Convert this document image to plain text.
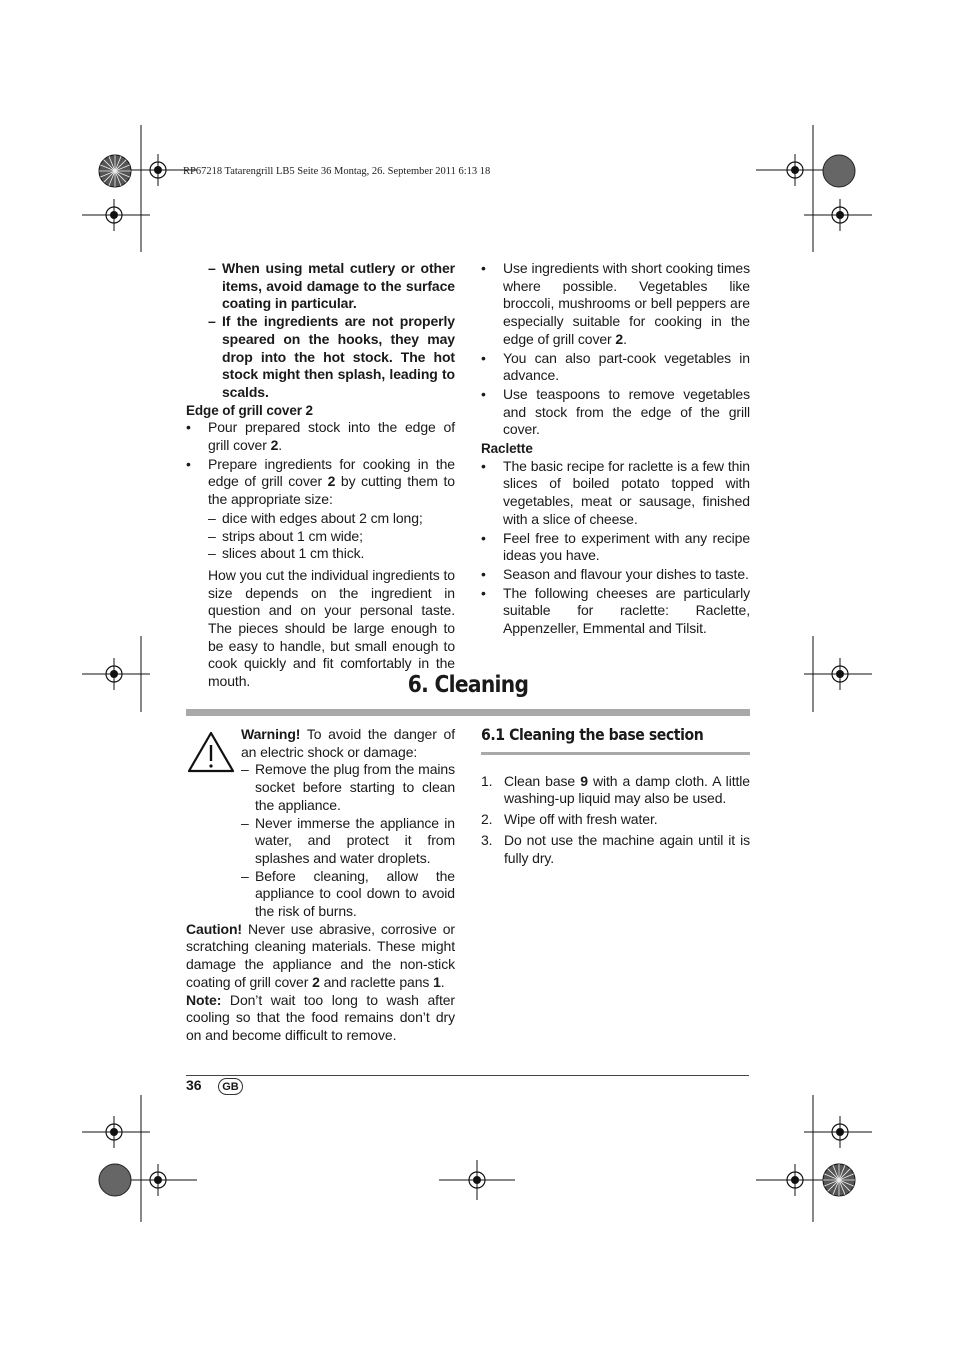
RP67218 Tatarengrill LB5 Seite 36 Montag, 26. September 2011 6:13 18
– When using metal cutlery or other items, avoid damage to the surface coating in particular.
– If the ingredients are not properly speared on the hooks, they may drop into the hot stock. The hot stock might then splash, leading to scalds.

Edge of grill cover 2

•	Pour prepared stock into the edge of grill cover 2.
•	Prepare ingredients for cooking in the edge of grill cover 2 by cutting them to the appropriate size:
– dice with edges about 2 cm long;
– strips about 1 cm wide;
– slices about 1 cm thick.

How you cut the individual ingredients to size depends on the ingredient in question and on your personal taste. The pieces should be large enough to be easy to handle, but small enough to cook quickly and fit comfortably in the mouth.

•	Use ingredients with short cooking times where possible. Vegetables like broccoli, mushrooms or bell peppers are especially suitable for cooking in the edge of grill cover 2.
•	You can also part-cook vegetables in advance.
•	Use teaspoons to remove vegetables and stock from the edge of the grill cover.

Raclette

•	The basic recipe for raclette is a few thin slices of boiled potato topped with vegetables, meat or sausage, finished with a slice of cheese.
•	Feel free to experiment with any recipe ideas you have.
•	Season and flavour your dishes to taste.
•	The following cheeses are particularly suitable for raclette: Raclette, Appenzeller, Emmental and Tilsit.
6. Cleaning

Warning! To avoid the danger of an electric shock or damage:

– Remove the plug from the mains socket before starting to clean the appliance.
– Never immerse the appliance in water, and protect it from splashes and water droplets.
– Before cleaning, allow the appliance to cool down to avoid the risk of burns.

Caution! Never use abrasive, corrosive or scratching cleaning materials. These might damage the appliance and the non-stick coating of grill cover 2 and raclette pans 1.

Note: Don’t wait too long to wash after cooling so that the food remains don’t dry on and become difficult to remove.

6.1 Cleaning the base section
1. Clean base 9 with a damp cloth. A little washing-up liquid may also be used.
2. Wipe off with fresh water.
3. Do not use the machine again until it is fully dry.
36	GB
